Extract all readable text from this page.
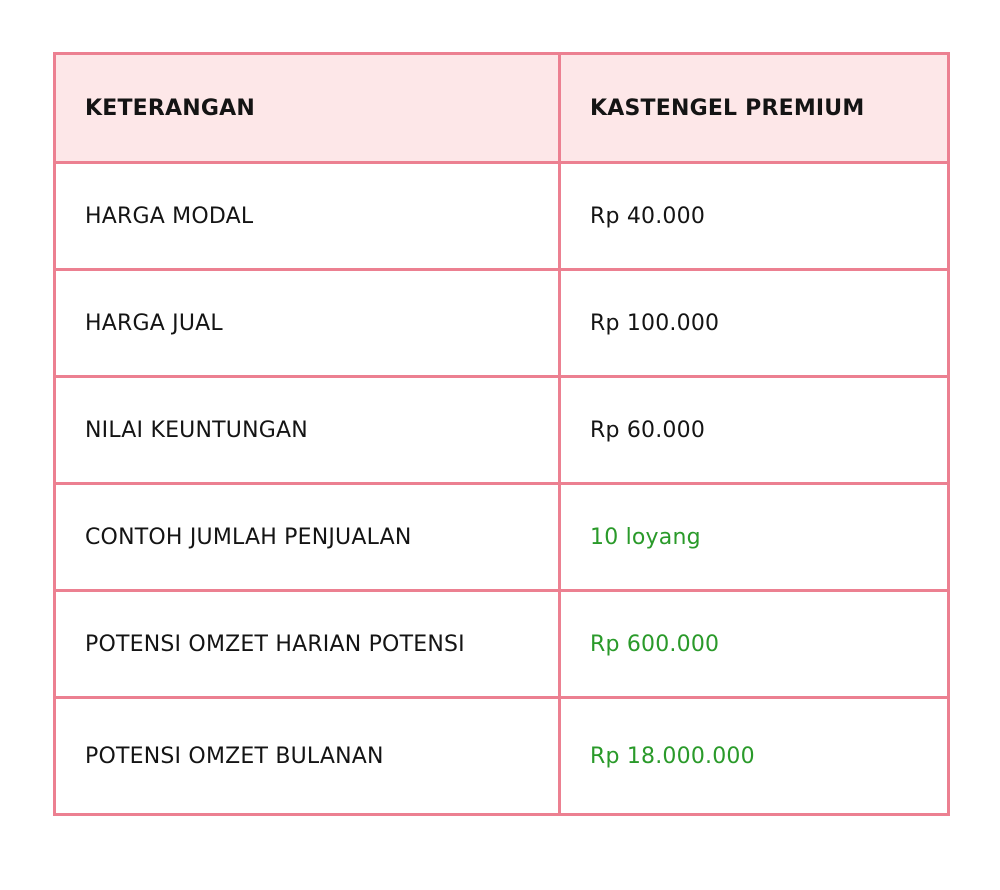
KETERANGAN	KASTENGEL PREMIUM
HARGA MODAL	Rp 40.000
HARGA JUAL	Rp 100.000
NILAI KEUNTUNGAN	Rp 60.000
CONTOH JUMLAH PENJUALAN	10 loyang
POTENSI OMZET HARIAN POTENSI	Rp 600.000
POTENSI OMZET BULANAN	Rp 18.000.000
